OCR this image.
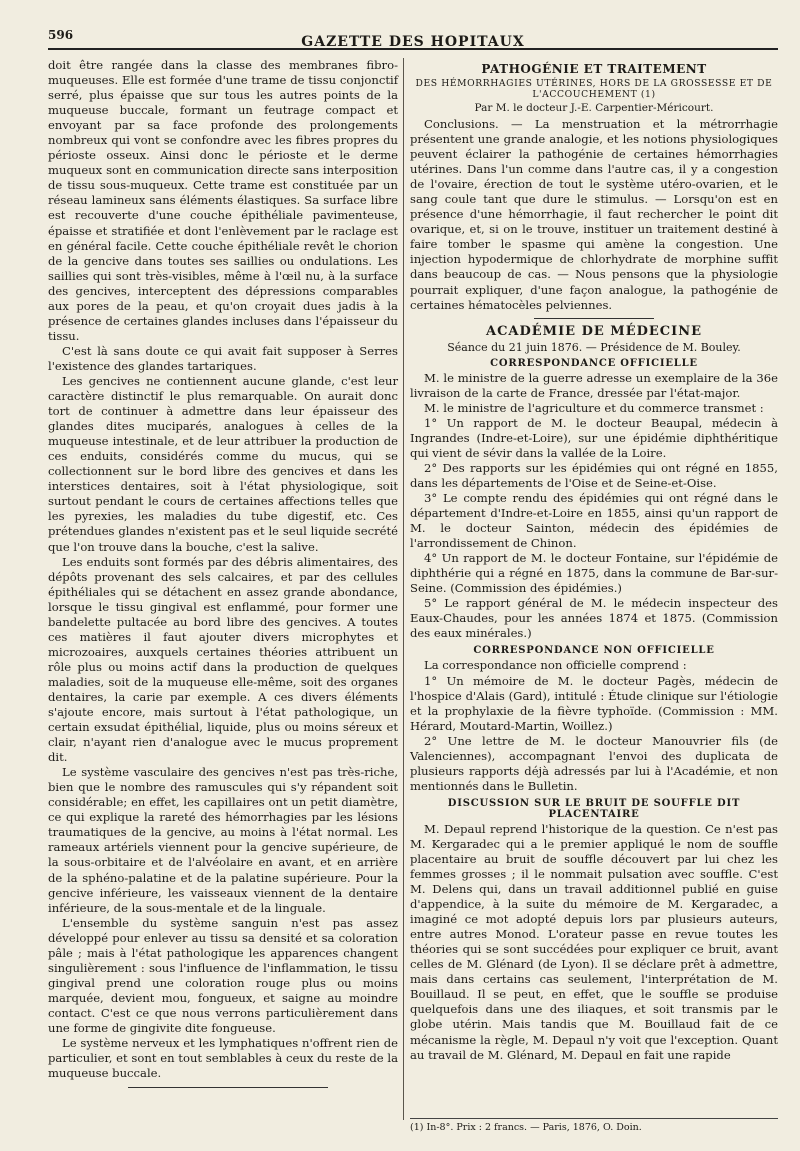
596	GAZETTE DES HOPITAUX

doit être rangée dans la classe des membranes fibro-muqueuses. Elle est formée d'une trame de tissu conjonctif serré, plus épaisse que sur tous les autres points de la muqueuse buccale, formant un feutrage compact et envoyant par sa face profonde des prolongements nombreux qui vont se confondre avec les fibres propres du périoste osseux. Ainsi donc le périoste et le derme muqueux sont en communication directe sans interposition de tissu sous-muqueux. Cette trame est constituée par un réseau lamineux sans éléments élastiques. Sa surface libre est recouverte d'une couche épithéliale pavimenteuse, épaisse et stratifiée et dont l'enlèvement par le raclage est en général facile. Cette couche épithéliale revêt le chorion de la gencive dans toutes ses saillies ou ondulations. Les saillies qui sont très-visibles, même à l'œil nu, à la surface des gencives, interceptent des dépressions comparables aux pores de la peau, et qu'on croyait dues jadis à la présence de certaines glandes incluses dans l'épaisseur du tissu.

C'est là sans doute ce qui avait fait supposer à Serres l'existence des glandes tartariques.

Les gencives ne contiennent aucune glande, c'est leur caractère distinctif le plus remarquable. On aurait donc tort de continuer à admettre dans leur épaisseur des glandes dites muciparés, analogues à celles de la muqueuse intestinale, et de leur attribuer la production de ces enduits, considérés comme du mucus, qui se collectionnent sur le bord libre des gencives et dans les interstices dentaires, soit à l'état physiologique, soit surtout pendant le cours de certaines affections telles que les pyrexies, les maladies du tube digestif, etc. Ces prétendues glandes n'existent pas et le seul liquide secrété que l'on trouve dans la bouche, c'est la salive.

Les enduits sont formés par des débris alimentaires, des dépôts provenant des sels calcaires, et par des cellules épithéliales qui se détachent en assez grande abondance, lorsque le tissu gingival est enflammé, pour former une bandelette pultacée au bord libre des gencives. A toutes ces matières il faut ajouter divers microphytes et microzoaires, auxquels certaines théories attribuent un rôle plus ou moins actif dans la production de quelques maladies, soit de la muqueuse elle-même, soit des organes dentaires, la carie par exemple. A ces divers éléments s'ajoute encore, mais surtout à l'état pathologique, un certain exsudat épithélial, liquide, plus ou moins séreux et clair, n'ayant rien d'analogue avec le mucus proprement dit.

Le système vasculaire des gencives n'est pas très-riche, bien que le nombre des ramuscules qui s'y répandent soit considérable; en effet, les capillaires ont un petit diamètre, ce qui explique la rareté des hémorrhagies par les lésions traumatiques de la gencive, au moins à l'état normal. Les rameaux artériels viennent pour la gencive supérieure, de la sous-orbitaire et de l'alvéolaire en avant, et en arrière de la sphéno-palatine et de la palatine supérieure. Pour la gencive inférieure, les vaisseaux viennent de la dentaire inférieure, de la sous-mentale et de la linguale.

L'ensemble du système sanguin n'est pas assez développé pour enlever au tissu sa densité et sa coloration pâle ; mais à l'état pathologique les apparences changent singulièrement : sous l'influence de l'inflammation, le tissu gingival prend une coloration rouge plus ou moins marquée, devient mou, fongueux, et saigne au moindre contact. C'est ce que nous verrons particulièrement dans une forme de gingivite dite fongueuse.

Le système nerveux et les lymphatiques n'offrent rien de particulier, et sont en tout semblables à ceux du reste de la muqueuse buccale.

PATHOGÉNIE ET TRAITEMENT
DES HÉMORRHAGIES UTÉRINES, HORS DE LA GROSSESSE ET DE L'ACCOUCHEMENT (1)
Par M. le docteur J.-E. Carpentier-Méricourt.

Conclusions. — La menstruation et la métrorrhagie présentent une grande analogie, et les notions physiologiques peuvent éclairer la pathogénie de certaines hémorrhagies utérines. Dans l'un comme dans l'autre cas, il y a congestion de l'ovaire, érection de tout le système utéro-ovarien, et le sang coule tant que dure le stimulus. — Lorsqu'on est en présence d'une hémorrhagie, il faut rechercher le point dit ovarique, et, si on le trouve, instituer un traitement destiné à faire tomber le spasme qui amène la congestion. Une injection hypodermique de chlorhydrate de morphine suffit dans beaucoup de cas. — Nous pensons que la physiologie pourrait expliquer, d'une façon analogue, la pathogénie de certaines hématocèles pelviennes.

ACADÉMIE DE MÉDECINE
Séance du 21 juin 1876. — Présidence de M. Bouley.
CORRESPONDANCE OFFICIELLE

M. le ministre de la guerre adresse un exemplaire de la 36e livraison de la carte de France, dressée par l'état-major.

M. le ministre de l'agriculture et du commerce transmet :

1° Un rapport de M. le docteur Beaupal, médecin à Ingrandes (Indre-et-Loire), sur une épidémie diphthéritique qui vient de sévir dans la vallée de la Loire.

2° Des rapports sur les épidémies qui ont régné en 1855, dans les départements de l'Oise et de Seine-et-Oise.

3° Le compte rendu des épidémies qui ont régné dans le département d'Indre-et-Loire en 1855, ainsi qu'un rapport de M. le docteur Sainton, médecin des épidémies de l'arrondissement de Chinon.

4° Un rapport de M. le docteur Fontaine, sur l'épidémie de diphthérie qui a régné en 1875, dans la commune de Bar-sur-Seine. (Commission des épidémies.)

5° Le rapport général de M. le médecin inspecteur des Eaux-Chaudes, pour les années 1874 et 1875. (Commission des eaux minérales.)

CORRESPONDANCE NON OFFICIELLE

La correspondance non officielle comprend :

1° Un mémoire de M. le docteur Pagès, médecin de l'hospice d'Alais (Gard), intitulé : Étude clinique sur l'étiologie et la prophylaxie de la fièvre typhoïde. (Commission : MM. Hérard, Moutard-Martin, Woillez.)

2° Une lettre de M. le docteur Manouvrier fils (de Valenciennes), accompagnant l'envoi des duplicata de plusieurs rapports déjà adressés par lui à l'Académie, et non mentionnés dans le Bulletin.

DISCUSSION SUR LE BRUIT DE SOUFFLE DIT PLACENTAIRE

M. Depaul reprend l'historique de la question. Ce n'est pas M. Kergaradec qui a le premier appliqué le nom de souffle placentaire au bruit de souffle découvert par lui chez les femmes grosses ; il le nommait pulsation avec souffle. C'est M. Delens qui, dans un travail additionnel publié en guise d'appendice, à la suite du mémoire de M. Kergaradec, a imaginé ce mot adopté depuis lors par plusieurs auteurs, entre autres Monod. L'orateur passe en revue toutes les théories qui se sont succédées pour expliquer ce bruit, avant celles de M. Glénard (de Lyon). Il se déclare prêt à admettre, mais dans certains cas seulement, l'interprétation de M. Bouillaud. Il se peut, en effet, que le souffle se produise quelquefois dans une des iliaques, et soit transmis par le globe utérin. Mais tandis que M. Bouillaud fait de ce mécanisme la règle, M. Depaul n'y voit que l'exception. Quant au travail de M. Glénard, M. Depaul en fait une rapide

(1) In-8°. Prix : 2 francs. — Paris, 1876, O. Doin.
